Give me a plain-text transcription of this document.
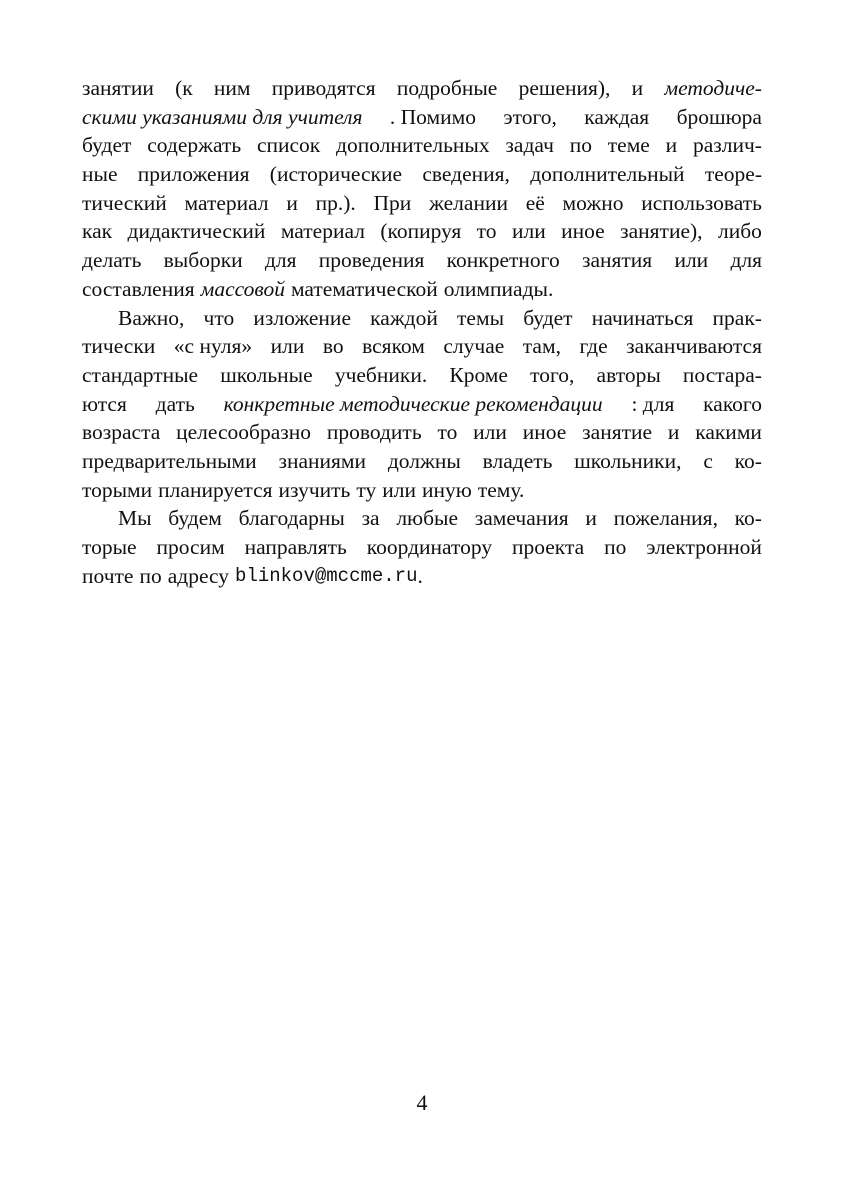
занятии (к ним приводятся подробные решения), и методиче-
скими указаниями для учителя . Помимо этого, каждая брошюра
будет содержать список дополнительных задач по теме и различ-
ные приложения (исторические сведения, дополнительный теоре-
тический материал и пр.). При желании её можно использовать
как дидактический материал (копируя то или иное занятие), либо
делать выборки для проведения конкретного занятия или для
составления массовой математической олимпиады.
Важно, что изложение каждой темы будет начинаться прак-
тически «с нуля» или во всяком случае там, где заканчиваются
стандартные школьные учебники. Кроме того, авторы постара-
ются дать конкретные методические рекомендации : для какого
возраста целесообразно проводить то или иное занятие и какими
предварительными знаниями должны владеть школьники, с ко-
торыми планируется изучить ту или иную тему.
Мы будем благодарны за любые замечания и пожелания, ко-
торые просим направлять координатору проекта по электронной
почте по адресу blinkov@mccme.ru .
4
